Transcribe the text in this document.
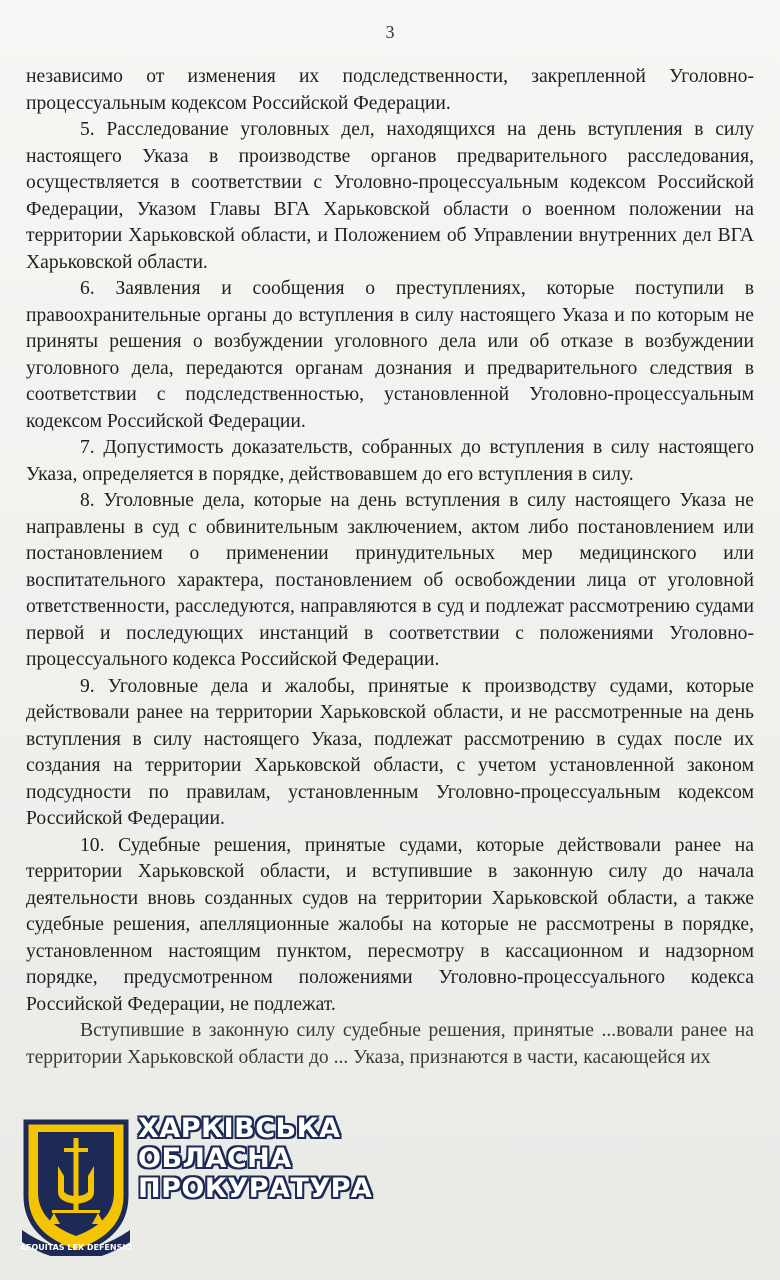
3

независимо от изменения их подследственности, закрепленной Уголовно-процессуальным кодексом Российской Федерации.

5. Расследование уголовных дел, находящихся на день вступления в силу настоящего Указа в производстве органов предварительного расследования, осуществляется в соответствии с Уголовно-процессуальным кодексом Российской Федерации, Указом Главы ВГА Харьковской области о военном положении на территории Харьковской области, и Положением об Управлении внутренних дел ВГА Харьковской области.

6. Заявления и сообщения о преступлениях, которые поступили в правоохранительные органы до вступления в силу настоящего Указа и по которым не приняты решения о возбуждении уголовного дела или об отказе в возбуждении уголовного дела, передаются органам дознания и предварительного следствия в соответствии с подследственностью, установленной Уголовно-процессуальным кодексом Российской Федерации.

7. Допустимость доказательств, собранных до вступления в силу настоящего Указа, определяется в порядке, действовавшем до его вступления в силу.

8. Уголовные дела, которые на день вступления в силу настоящего Указа не направлены в суд с обвинительным заключением, актом либо постановлением или постановлением о применении принудительных мер медицинского или воспитательного характера, постановлением об освобождении лица от уголовной ответственности, расследуются, направляются в суд и подлежат рассмотрению судами первой и последующих инстанций в соответствии с положениями Уголовно-процессуального кодекса Российской Федерации.

9. Уголовные дела и жалобы, принятые к производству судами, которые действовали ранее на территории Харьковской области, и не рассмотренные на день вступления в силу настоящего Указа, подлежат рассмотрению в судах после их создания на территории Харьковской области, с учетом установленной законом подсудности по правилам, установленным Уголовно-процессуальным кодексом Российской Федерации.

10. Судебные решения, принятые судами, которые действовали ранее на территории Харьковской области, и вступившие в законную силу до начала деятельности вновь созданных судов на территории Харьковской области, а также судебные решения, апелляционные жалобы на которые не рассмотрены в порядке, установленном настоящим пунктом, пересмотру в кассационном и надзорном порядке, предусмотренном положениями Уголовно-процессуального кодекса Российской Федерации, не подлежат.

Вступившие в законную силу судебные решения, принятые ...вовали ранее на территории Харьковской области до ... Указа, признаются в части, касающейся их

AEQUITAS LEX DEFENSIO
ХАРКІВСЬКА
ОБЛАСНА
ПРОКУРАТУРА
